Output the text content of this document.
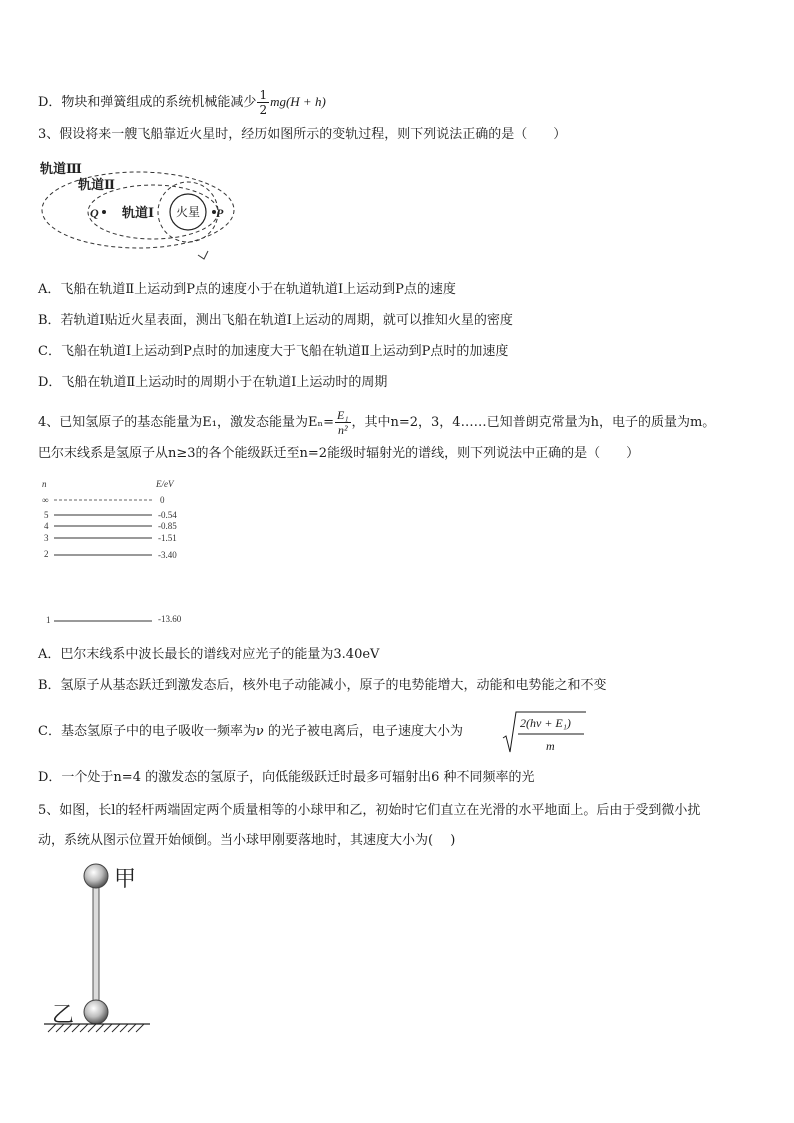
D．物块和弹簧组成的系统机械能减少 $\frac{1}{2} mg(H + h)$
3、假设将来一艘飞船靠近火星时，经历如图所示的变轨过程，则下列说法正确的是（　　）
轨道Ⅲ
轨道Ⅱ
轨道Ⅰ 火星
Q	P
A．飞船在轨道Ⅱ上运动到P点的速度小于在轨道轨道Ⅰ上运动到P点的速度
B．若轨道Ⅰ贴近火星表面，测出飞船在轨道Ⅰ上运动的周期，就可以推知火星的密度
C．飞船在轨道Ⅰ上运动到P点时的加速度大于飞船在轨道Ⅱ上运动到P点时的加速度
D．飞船在轨道Ⅱ上运动时的周期小于在轨道Ⅰ上运动时的周期
4、已知氢原子的基态能量为E₁，激发态能量为$E_n= \frac{\text{E₁}}{\text{n²}}$ ，其中n=2，3，4……已知普朗克常量为h，电子的质量为m。
巴尔末线系是氢原子从n≥3的各个能级跃迁至n=2能级时辐射光的谱线，则下列说法中正确的是（　　）
n	E/eV
∞	0
5	-0.54
4	-0.85
3	-1.51
2	-3.40
1	-13.60
A．巴尔末线系中波长最长的谱线对应光子的能量为3.40eV
B．氢原子从基态跃迁到激发态后，核外电子动能减小，原子的电势能增大，动能和电势能之和不变
C．基态氢原子中的电子吸收一频率为ν 的光子被电离后，电子速度大小为
2(hν + E₁)
m
D．一个处于n=4 的激发态的氢原子，向低能级跃迁时最多可辐射出6 种不同频率的光
5、如图，长l的轻杆两端固定两个质量相等的小球甲和乙，初始时它们直立在光滑的水平地面上。后由于受到微小扰
动，系统从图示位置开始倾倒。当小球甲刚要落地时，其速度大小为(　 )
甲
乙
